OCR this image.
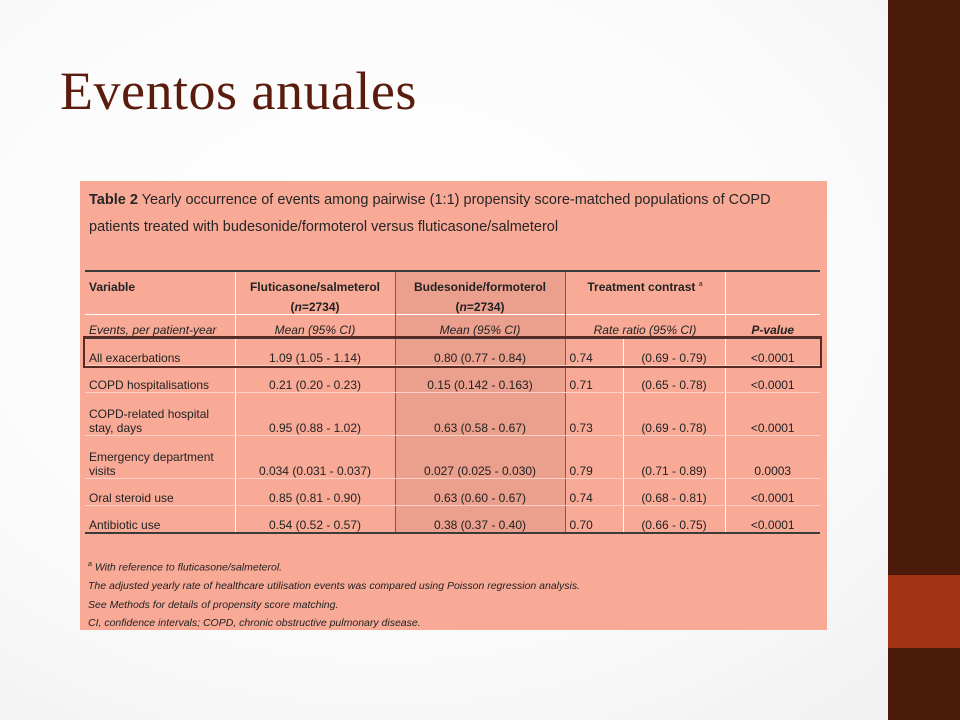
Eventos anuales

Table 2 Yearly occurrence of events among pairwise (1:1) propensity score-matched populations of COPD patients treated with budesonide/formoterol versus fluticasone/salmeterol

Variable	Fluticasone/salmeterol	Budesonide/formoterol	Treatment contrast $^a$	
	(n=2734)	(n=2734)			
Events, per patient-year	Mean (95% CI)	Mean (95% CI)	Rate ratio (95% CI)		P-value
All exacerbations	1.09 (1.05 - 1.14)	0.80 (0.77 - 0.84)	0.74	(0.69 - 0.79)	<0.0001
COPD hospitalisations	0.21 (0.20 - 0.23)	0.15 (0.142 - 0.163)	0.71	(0.65 - 0.78)	<0.0001
COPD-related hospital stay, days	0.95 (0.88 - 1.02)	0.63 (0.58 - 0.67)	0.73	(0.69 - 0.78)	<0.0001
Emergency department visits	0.034 (0.031 - 0.037)	0.027 (0.025 - 0.030)	0.79	(0.71 - 0.89)	0.0003
Oral steroid use	0.85 (0.81 - 0.90)	0.63 (0.60 - 0.67)	0.74	(0.68 - 0.81)	<0.0001
Antibiotic use	0.54 (0.52 - 0.57)	0.38 (0.37 - 0.40)	0.70	(0.66 - 0.75)	<0.0001
$^a$ With reference to fluticasone/salmeterol.
The adjusted yearly rate of healthcare utilisation events was compared using Poisson regression analysis.
See Methods for details of propensity score matching.
CI, confidence intervals; COPD, chronic obstructive pulmonary disease.
